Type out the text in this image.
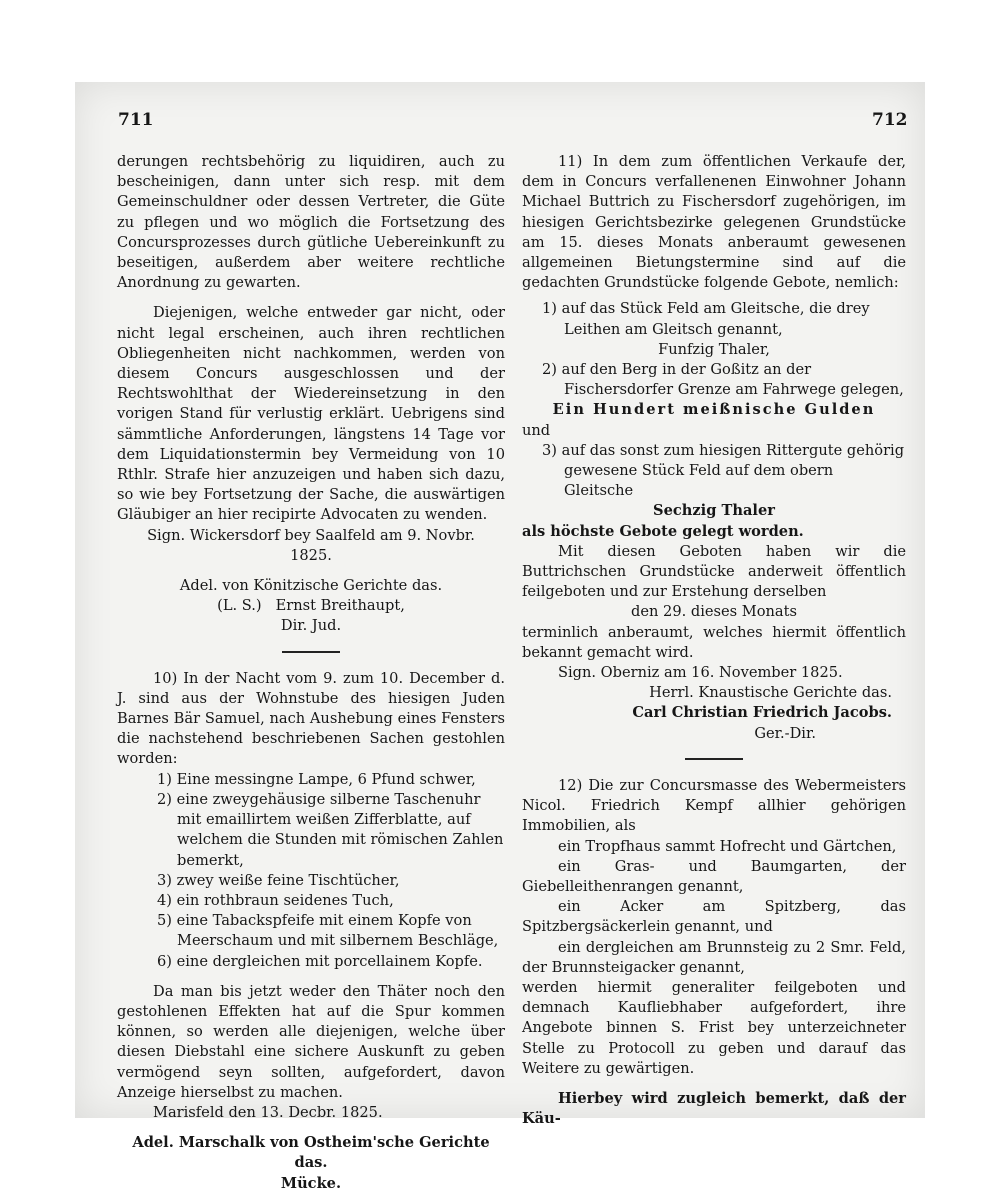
711	712

derungen rechtsbehörig zu liquidiren, auch zu bescheinigen, dann unter sich resp. mit dem Gemeinschuldner oder dessen Vertreter, die Güte zu pflegen und wo möglich die Fortsetzung des Concursprozesses durch gütliche Uebereinkunft zu beseitigen, außerdem aber weitere rechtliche Anordnung zu gewarten.

Diejenigen, welche entweder gar nicht, oder nicht legal erscheinen, auch ihren rechtlichen Obliegenheiten nicht nachkommen, werden von diesem Concurs ausgeschlossen und der Rechtswohlthat der Wiedereinsetzung in den vorigen Stand für verlustig erklärt. Uebrigens sind sämmtliche Anforderungen, längstens 14 Tage vor dem Liquidationstermin bey Vermeidung von 10 Rthlr. Strafe hier anzuzeigen und haben sich dazu, so wie bey Fortsetzung der Sache, die auswärtigen Gläubiger an hier recipirte Advocaten zu wenden.

Sign. Wickersdorf bey Saalfeld am 9. Novbr.

1825.

Adel. von Könitzische Gerichte das.

(L. S.) Ernst Breithaupt,

Dir. Jud.

10) In der Nacht vom 9. zum 10. December d. J. sind aus der Wohnstube des hiesigen Juden Barnes Bär Samuel, nach Aushebung eines Fensters die nachstehend beschriebenen Sachen gestohlen worden:

1) Eine messingne Lampe, 6 Pfund schwer,

2) eine zweygehäusige silberne Taschenuhr mit emaillirtem weißen Zifferblatte, auf welchem die Stunden mit römischen Zahlen bemerkt,

3) zwey weiße feine Tischtücher,

4) ein rothbraun seidenes Tuch,

5) eine Tabackspfeife mit einem Kopfe von Meerschaum und mit silbernem Beschläge,

6) eine dergleichen mit porcellainem Kopfe.

Da man bis jetzt weder den Thäter noch den gestohlenen Effekten hat auf die Spur kommen können, so werden alle diejenigen, welche über diesen Diebstahl eine sichere Auskunft zu geben vermögend seyn sollten, aufgefordert, davon Anzeige hierselbst zu machen.

Marisfeld den 13. Decbr. 1825.

Adel. Marschalk von Ostheim'sche Gerichte das.

Mücke.

11) In dem zum öffentlichen Verkaufe der, dem in Concurs verfallenenen Einwohner Johann Michael Buttrich zu Fischersdorf zugehörigen, im hiesigen Gerichtsbezirke gelegenen Grundstücke am 15. dieses Monats anberaumt gewesenen allgemeinen Bietungstermine sind auf die gedachten Grundstücke folgende Gebote, nemlich:

1) auf das Stück Feld am Gleitsche, die drey Leithen am Gleitsch genannt,

Funfzig Thaler,

2) auf den Berg in der Goßitz an der Fischersdorfer Grenze am Fahrwege gelegen,

Ein Hundert meißnische Gulden

und

3) auf das sonst zum hiesigen Rittergute gehörig gewesene Stück Feld auf dem obern Gleitsche

Sechzig Thaler

als höchste Gebote gelegt worden.

Mit diesen Geboten haben wir die Buttrichschen Grundstücke anderweit öffentlich feilgeboten und zur Erstehung derselben

den 29. dieses Monats

terminlich anberaumt, welches hiermit öffentlich bekannt gemacht wird.

Sign. Oberniz am 16. November 1825.

Herrl. Knaustische Gerichte das.

Carl Christian Friedrich Jacobs.

Ger.-Dir.

12) Die zur Concursmasse des Webermeisters Nicol. Friedrich Kempf allhier gehörigen Immobilien, als

ein Tropfhaus sammt Hofrecht und Gärtchen,

ein Gras- und Baumgarten, der Giebelleithenrangen genannt,

ein Acker am Spitzberg, das Spitzbergsäckerlein genannt, und

ein dergleichen am Brunnsteig zu 2 Smr. Feld, der Brunnsteigacker genannt,

werden hiermit generaliter feilgeboten und demnach Kaufliebhaber aufgefordert, ihre Angebote binnen S. Frist bey unterzeichneter Stelle zu Protocoll zu geben und darauf das Weitere zu gewärtigen.

Hierbey wird zugleich bemerkt, daß der Käu-
